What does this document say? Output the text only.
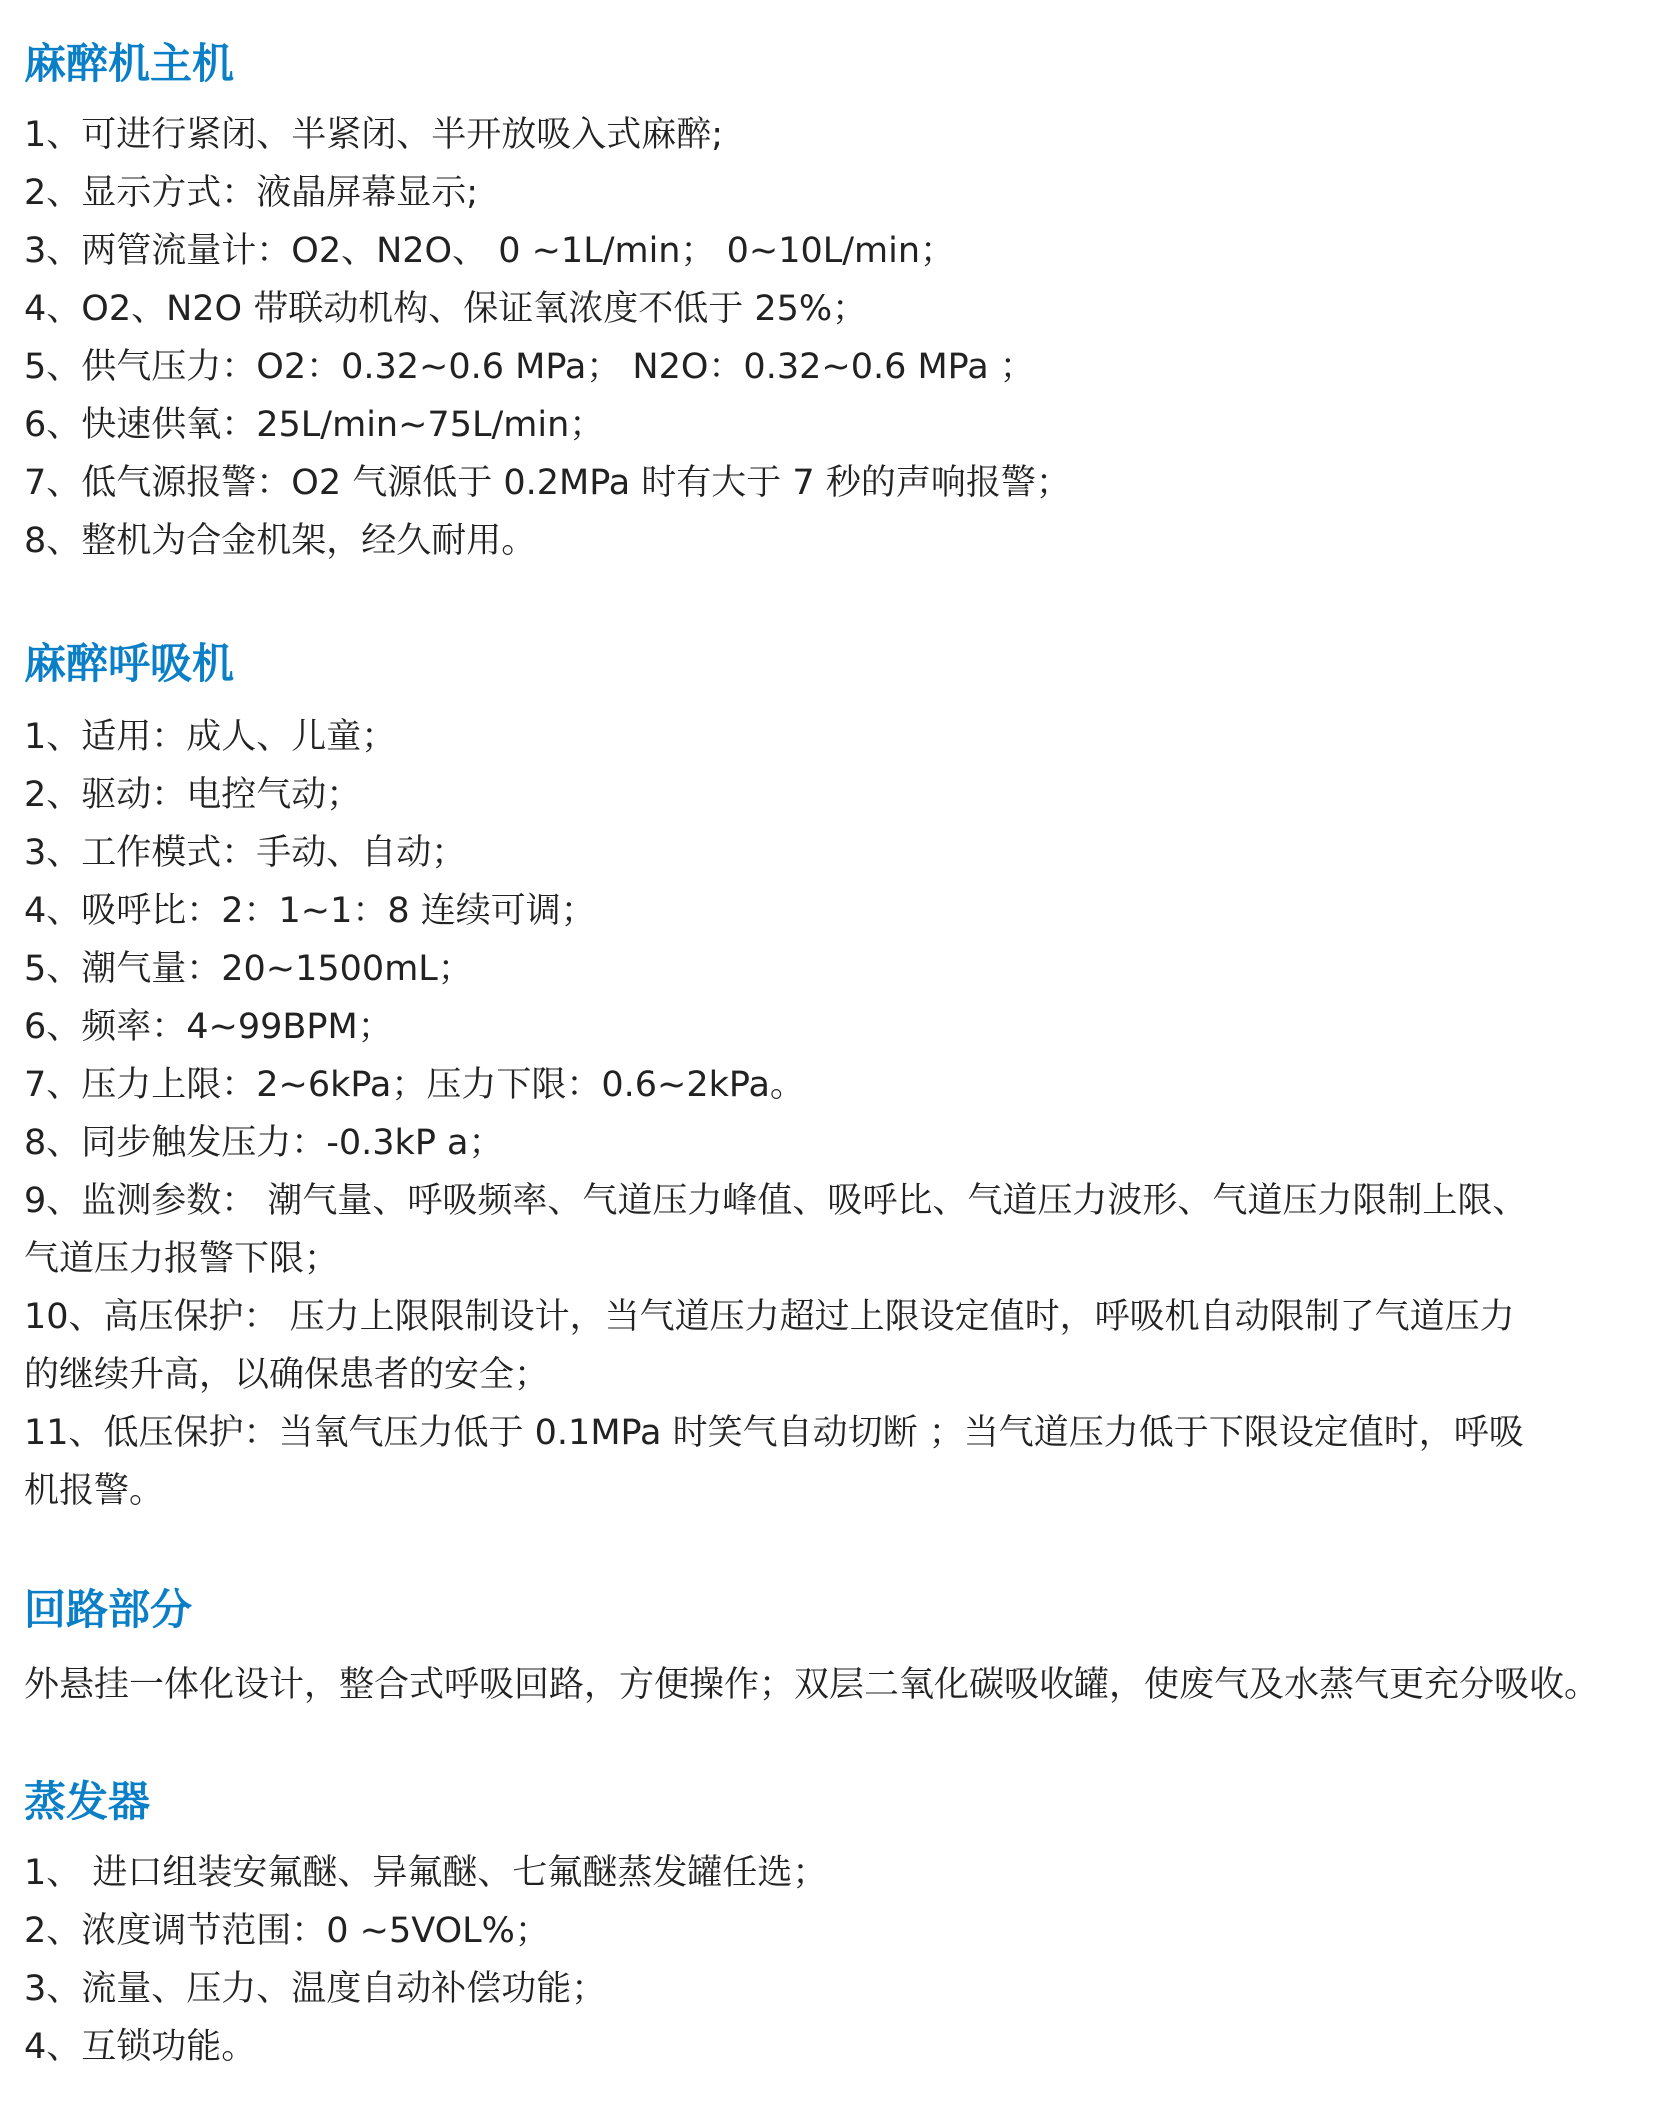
麻醉机主机

1、可进行紧闭、半紧闭、半开放吸入式麻醉;

2、显示方式：液晶屏幕显示;

3、两管流量计：O2、N2O、 0 ~1L/min； 0~10L/min；

4、O2、N2O 带联动机构、保证氧浓度不低于 25%；

5、供气压力：O2：0.32~0.6 MPa； N2O：0.32~0.6 MPa ；

6、快速供氧：25L/min~75L/min；

7、低气源报警：O2 气源低于 0.2MPa 时有大于 7 秒的声响报警；

8、整机为合金机架，经久耐用。

麻醉呼吸机

1、适用：成人、儿童；

2、驱动：电控气动；

3、工作模式：手动、自动；

4、吸呼比：2：1~1：8 连续可调；

5、潮气量：20~1500mL；

6、频率：4~99BPM；

7、压力上限：2~6kPa；压力下限：0.6~2kPa。

8、同步触发压力：-0.3kP a；

9、监测参数： 潮气量、呼吸频率、气道压力峰值、吸呼比、气道压力波形、气道压力限制上限、

气道压力报警下限；

10、高压保护： 压力上限限制设计，当气道压力超过上限设定值时，呼吸机自动限制了气道压力

的继续升高，以确保患者的安全；

11、低压保护：当氧气压力低于 0.1MPa 时笑气自动切断 ；当气道压力低于下限设定值时，呼吸

机报警。

回路部分

外悬挂一体化设计，整合式呼吸回路，方便操作；双层二氧化碳吸收罐，使废气及水蒸气更充分吸收。

蒸发器

1、 进口组装安氟醚、异氟醚、七氟醚蒸发罐任选；

2、浓度调节范围：0 ~5VOL%；

3、流量、压力、温度自动补偿功能；

4、互锁功能。
